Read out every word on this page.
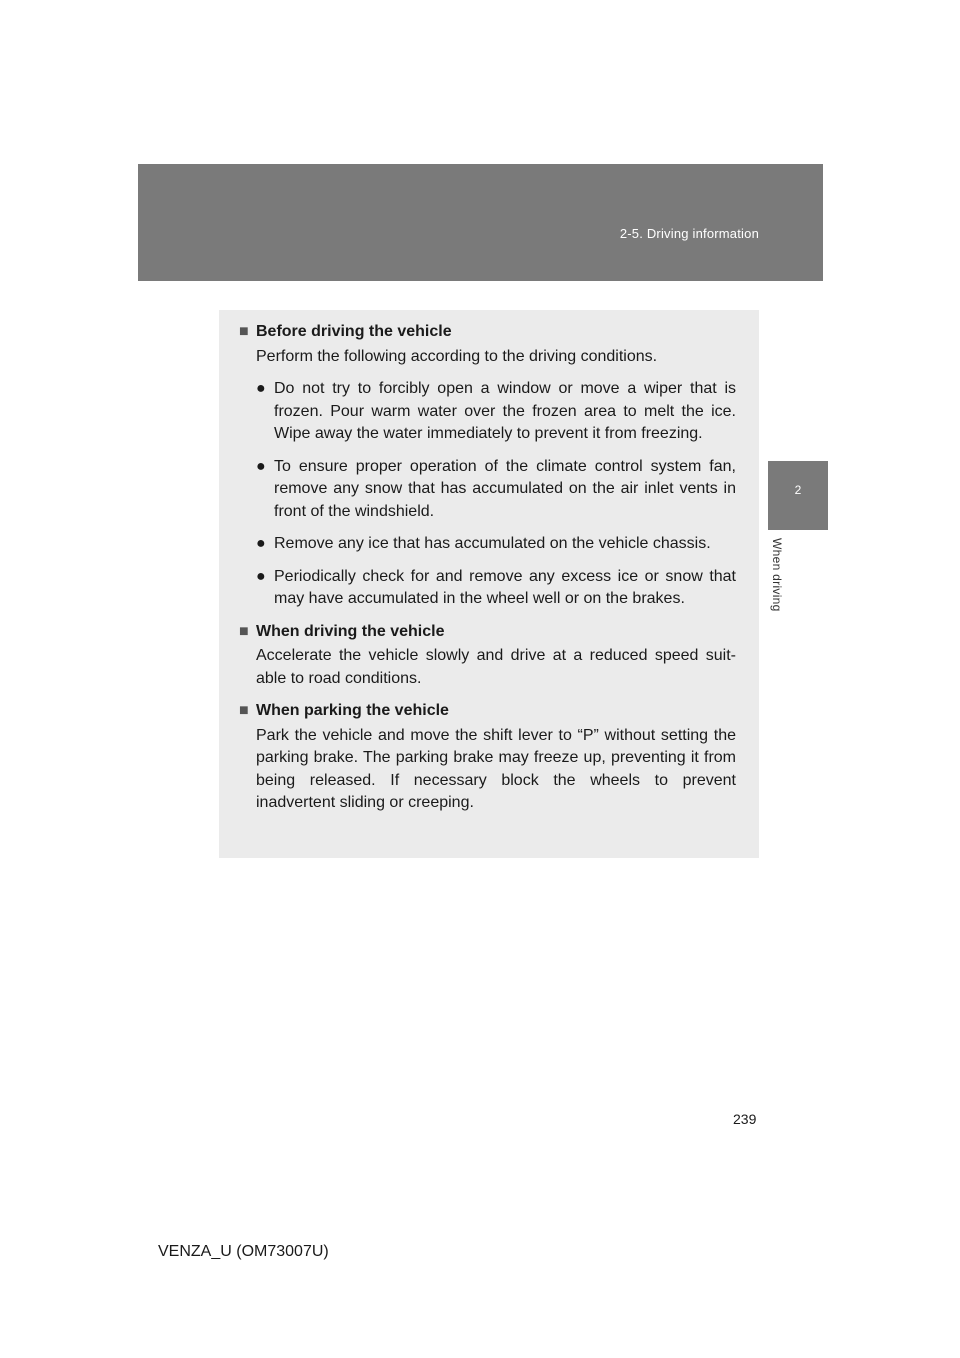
2-5. Driving information
2
When driving

■ Before driving the vehicle

Perform the following according to the driving conditions.

● Do not try to forcibly open a window or move a wiper that is frozen. Pour warm water over the frozen area to melt the ice. Wipe away the water immediately to prevent it from freezing.
● To ensure proper operation of the climate control system fan, remove any snow that has accumulated on the air inlet vents in front of the windshield.
● Remove any ice that has accumulated on the vehicle chassis.
● Periodically check for and remove any excess ice or snow that may have accumulated in the wheel well or on the brakes.

■ When driving the vehicle

Accelerate the vehicle slowly and drive at a reduced speed suit-able to road conditions.

■ When parking the vehicle

Park the vehicle and move the shift lever to “P” without setting the parking brake. The parking brake may freeze up, preventing it from being released. If necessary block the wheels to prevent inadvertent sliding or creeping.

239
VENZA_U (OM73007U)
